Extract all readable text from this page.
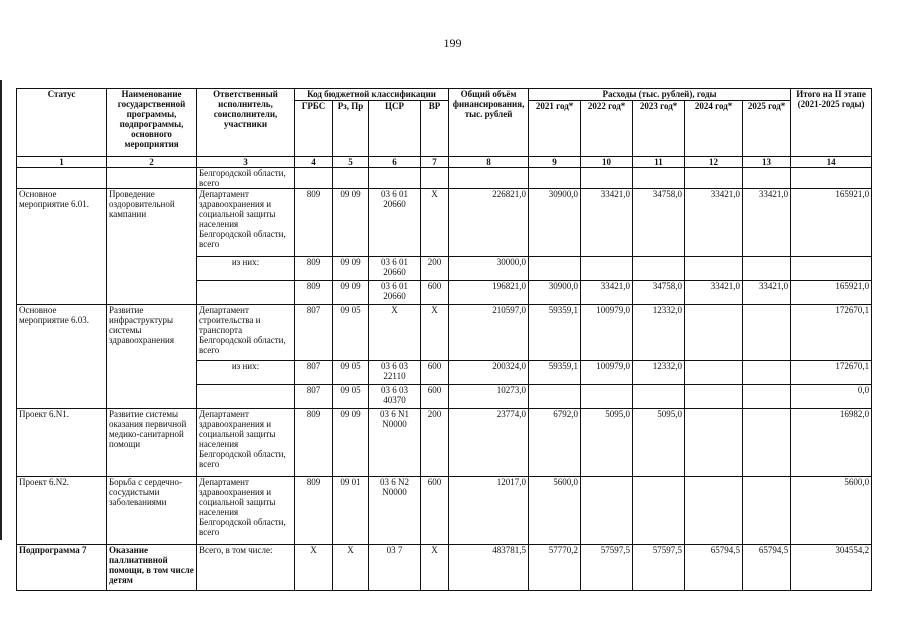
199
Статус	Наименование государственной программы, подпрограммы, основного мероприятия	Ответственный исполнитель, соисполнители, участники	Код бюджетной классификации				Общий объём финансирования, тыс. рублей	Расходы (тыс. рублей), годы					Итого на II этапе (2021-2025 годы)
			ГРБС	Рз, Пр	ЦСР	ВР		2021 год*	2022 год*	2023 год*	2024 год*	2025 год*	
1	2	3	4	5	6	7	8	9	10	11	12	13	14
		Белгородской области, всего											
Основное мероприятие 6.01.	Проведение оздоровительной кампании	Департамент здравоохранения и социальной защиты населения Белгородской области, всего	809	09 09	03 6 01 20660	X	226821,0	30900,0	33421,0	34758,0	33421,0	33421,0	165921,0
		из них:	809	09 09	03 6 01 20660	200	30000,0						
			809	09 09	03 6 01 20660	600	196821,0	30900,0	33421,0	34758,0	33421,0	33421,0	165921,0
Основное мероприятие 6.03.	Развитие инфраструктуры системы здравоохранения	Департамент строительства и транспорта Белгородской области, всего	807	09 05	X	X	210597,0	59359,1	100979,0	12332,0			172670,1
		из них:	807	09 05	03 6 03 22110	600	200324,0	59359,1	100979,0	12332,0			172670,1
			807	09 05	03 6 03 40370	600	10273,0						0,0
Проект 6.N1.	Развитие системы оказания первичной медико-санитарной помощи	Департамент здравоохранения и социальной защиты населения Белгородской области, всего	809	09 09	03 6 N1 N0000	200	23774,0	6792,0	5095,0	5095,0			16982,0
Проект 6.N2.	Борьба с сердечно-сосудистыми заболеваниями	Департамент здравоохранения и социальной защиты населения Белгородской области, всего	809	09 01	03 6 N2 N0000	600	12017,0	5600,0					5600,0
Подпрограмма 7	Оказание паллиативной помощи, в том числе детям	Всего, в том числе:	X	X	03 7	X	483781,5	57770,2	57597,5	57597,5	65794,5	65794,5	304554,2
